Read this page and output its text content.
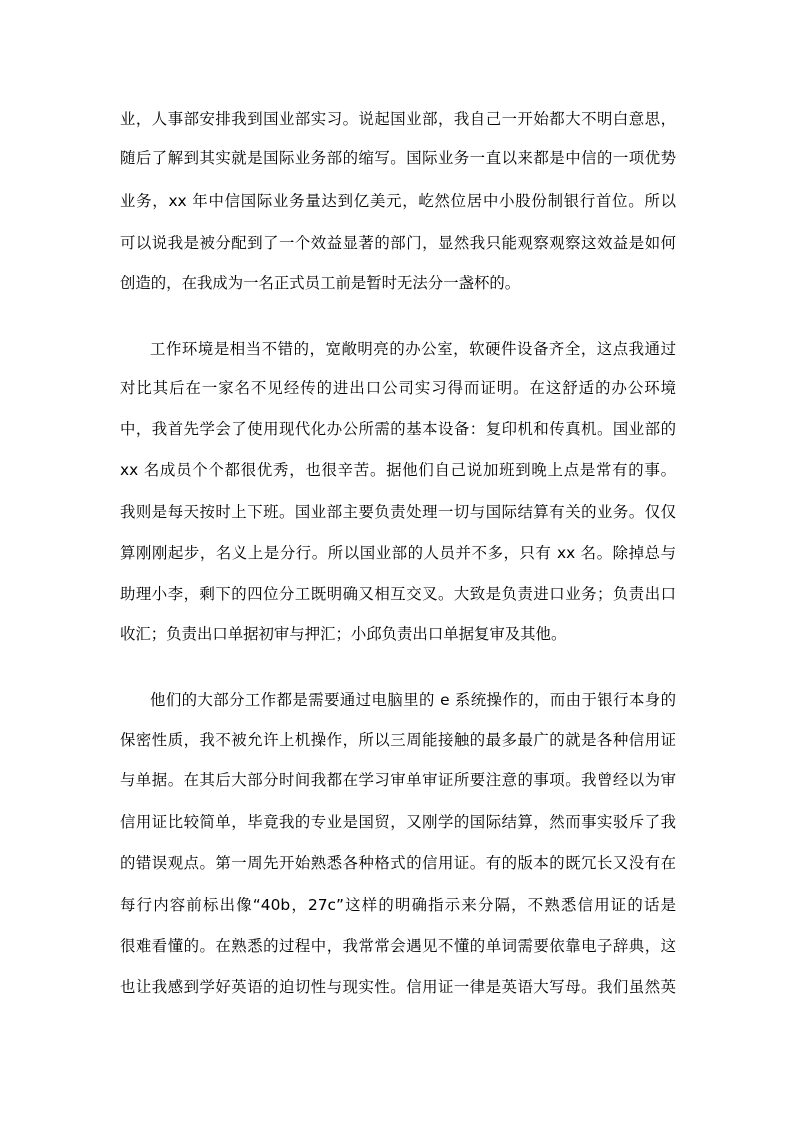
业，人事部安排我到国业部实习。说起国业部，我自己一开始都大不明白意思，
随后了解到其实就是国际业务部的缩写。国际业务一直以来都是中信的一项优势
业务，xx 年中信国际业务量达到亿美元，屹然位居中小股份制银行首位。所以
可以说我是被分配到了一个效益显著的部门，显然我只能观察观察这效益是如何
创造的，在我成为一名正式员工前是暂时无法分一盏杯的。
工作环境是相当不错的，宽敞明亮的办公室，软硬件设备齐全，这点我通过
对比其后在一家名不见经传的进出口公司实习得而证明。在这舒适的办公环境
中，我首先学会了使用现代化办公所需的基本设备：复印机和传真机。国业部的
xx 名成员个个都很优秀，也很辛苦。据他们自己说加班到晚上点是常有的事。
我则是每天按时上下班。国业部主要负责处理一切与国际结算有关的业务。仅仅
算刚刚起步，名义上是分行。所以国业部的人员并不多，只有 xx 名。除掉总与
助理小李，剩下的四位分工既明确又相互交叉。大致是负责进口业务；负责出口
收汇；负责出口单据初审与押汇；小邱负责出口单据复审及其他。
他们的大部分工作都是需要通过电脑里的 e 系统操作的，而由于银行本身的
保密性质，我不被允许上机操作，所以三周能接触的最多最广的就是各种信用证
与单据。在其后大部分时间我都在学习审单审证所要注意的事项。我曾经以为审
信用证比较简单，毕竟我的专业是国贸，又刚学的国际结算，然而事实驳斥了我
的错误观点。第一周先开始熟悉各种格式的信用证。有的版本的既冗长又没有在
每行内容前标出像“40b，27c”这样的明确指示来分隔，不熟悉信用证的话是
很难看懂的。在熟悉的过程中，我常常会遇见不懂的单词需要依靠电子辞典，这
也让我感到学好英语的迫切性与现实性。信用证一律是英语大写母。我们虽然英
